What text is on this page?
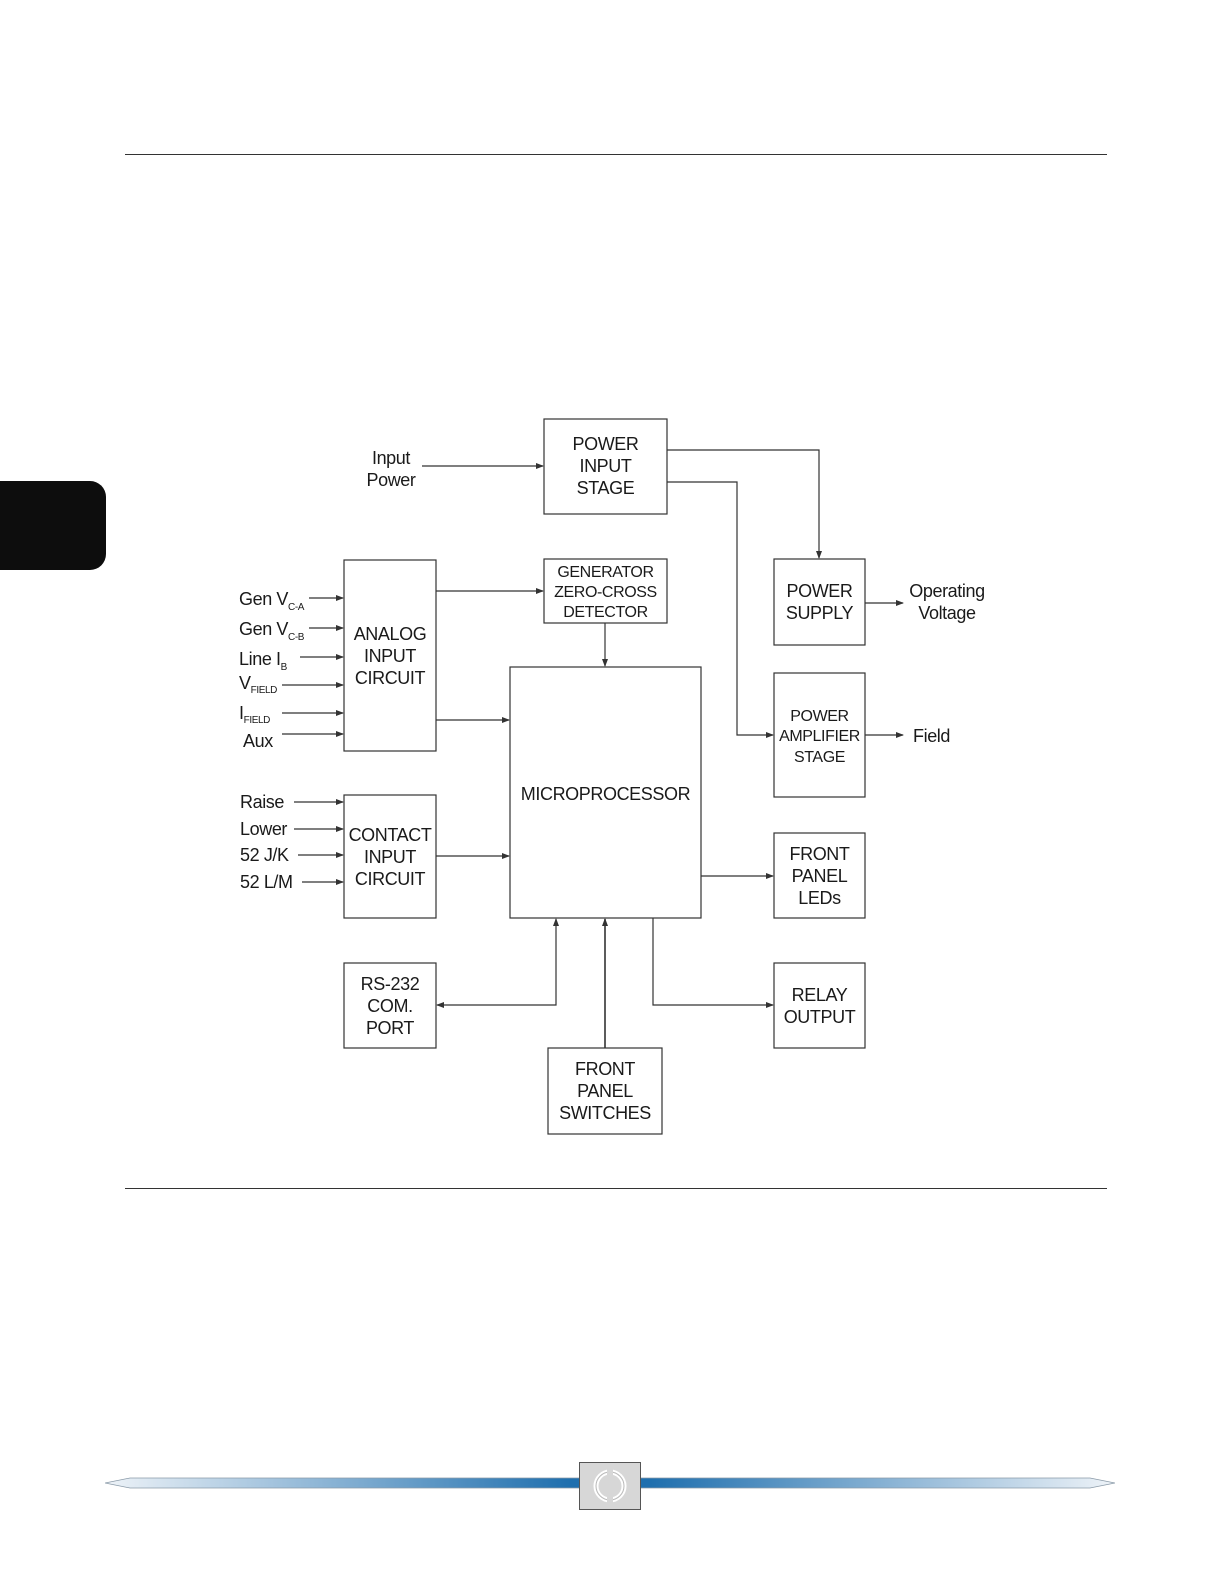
POWER
INPUT
STAGE
GENERATOR
ZERO-CROSS
DETECTOR
ANALOG
INPUT
CIRCUIT
CONTACT
INPUT
CIRCUIT
MICROPROCESSOR
POWER
SUPPLY
POWER
AMPLIFIER
STAGE
FRONT
PANEL
LEDs
RELAY
OUTPUT
RS-232
COM.
PORT
FRONT
PANEL
SWITCHES
Input
Power
Operating
Voltage
Field
Gen $V_{C-A}$
Gen $V_{C-B}$
Line $I_B$
$V_{FIELD}$
$I_{FIELD}$
Aux
Raise
Lower
52 J/K
52 L/M
